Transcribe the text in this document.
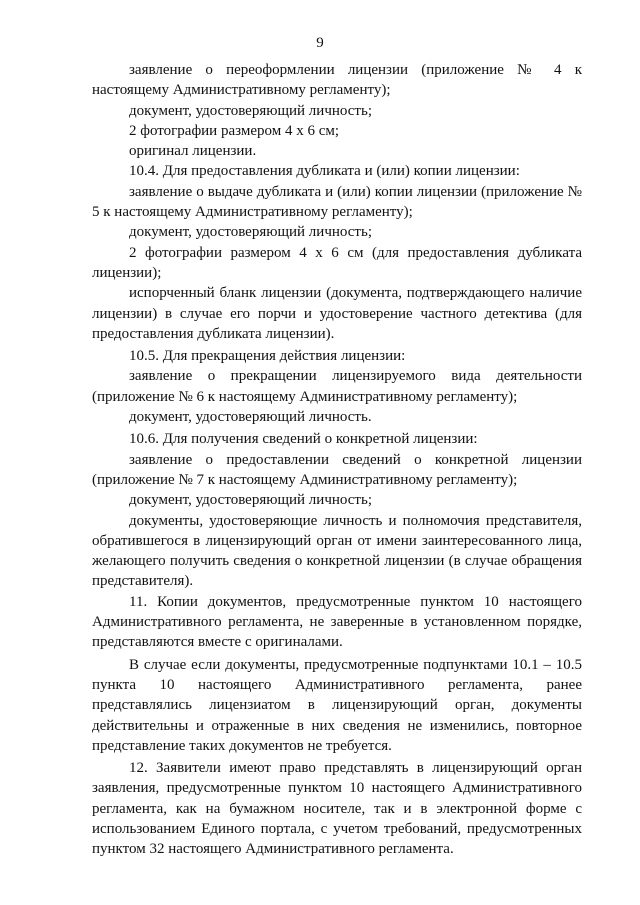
9

заявление о переоформлении лицензии (приложение № 4 к настоящему Административному регламенту);

документ, удостоверяющий личность;

2 фотографии размером 4 х 6 см;

оригинал лицензии.

10.4. Для предоставления дубликата и (или) копии лицензии:

заявление о выдаче дубликата и (или) копии лицензии (приложение № 5 к настоящему Административному регламенту);

документ, удостоверяющий личность;

2 фотографии размером 4 х 6 см (для предоставления дубликата лицензии);

испорченный бланк лицензии (документа, подтверждающего наличие лицензии) в случае его порчи и удостоверение частного детектива (для предоставления дубликата лицензии).

10.5. Для прекращения действия лицензии:

заявление о прекращении лицензируемого вида деятельности (приложение № 6 к настоящему Административному регламенту);

документ, удостоверяющий личность.

10.6. Для получения сведений о конкретной лицензии:

заявление о предоставлении сведений о конкретной лицензии (приложение № 7 к настоящему Административному регламенту);

документ, удостоверяющий личность;

документы, удостоверяющие личность и полномочия представителя, обратившегося в лицензирующий орган от имени заинтересованного лица, желающего получить сведения о конкретной лицензии (в случае обращения представителя).

11. Копии документов, предусмотренные пунктом 10 настоящего Административного регламента, не заверенные в установленном порядке, представляются вместе с оригиналами.

В случае если документы, предусмотренные подпунктами 10.1 – 10.5 пункта 10 настоящего Административного регламента, ранее представлялись лицензиатом в лицензирующий орган, документы действительны и отраженные в них сведения не изменились, повторное представление таких документов не требуется.

12. Заявители имеют право представлять в лицензирующий орган заявления, предусмотренные пунктом 10 настоящего Административного регламента, как на бумажном носителе, так и в электронной форме с использованием Единого портала, с учетом требований, предусмотренных пунктом 32 настоящего Административного регламента.
